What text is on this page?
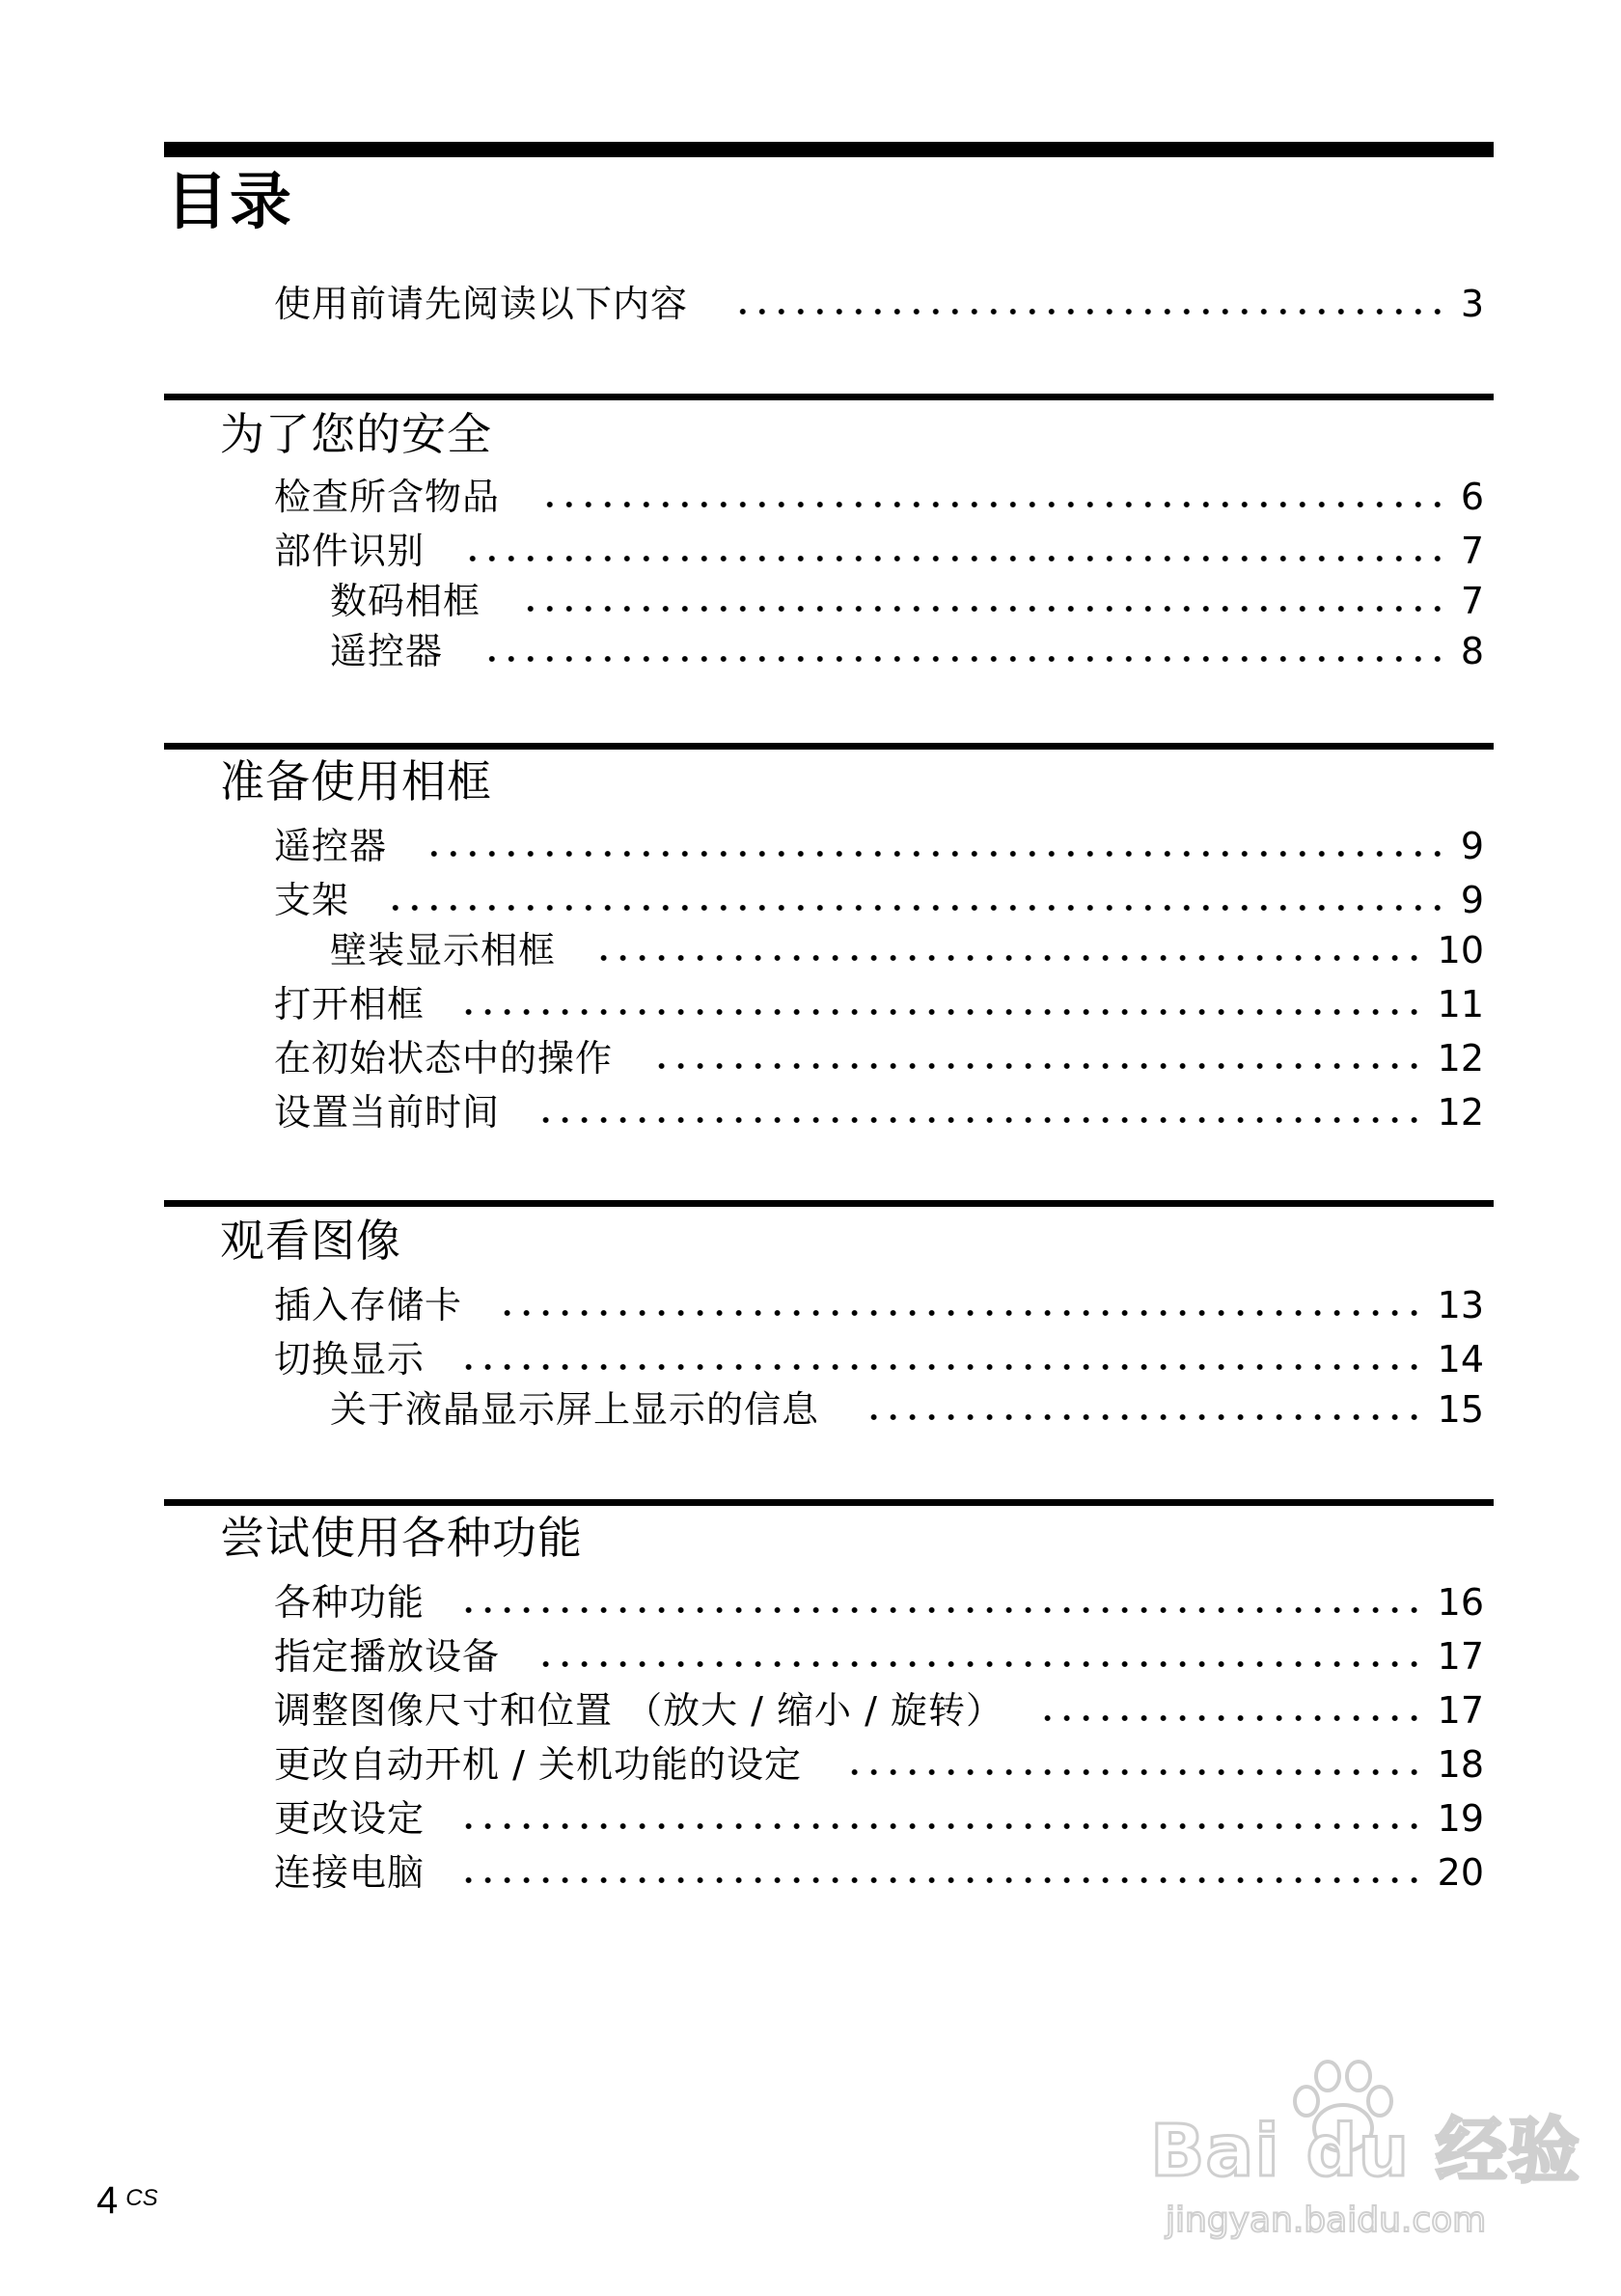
目录
使用前请先阅读以下内容	3
为了您的安全
检查所含物品	6
部件识别	7
数码相框	7
遥控器	8
准备使用相框
遥控器	9
支架	9
壁装显示相框	10
打开相框	11
在初始状态中的操作	12
设置当前时间	12
观看图像
插入存储卡	13
切换显示	14
关于液晶显示屏上显示的信息	15
尝试使用各种功能
各种功能	16
指定播放设备	17
调整图像尺寸和位置 （放大 / 缩小 / 旋转）	17
更改自动开机 / 关机功能的设定	18
更改设定	19
连接电脑	20
4 $^{CS}$
Bai du 经验
jingyan.baidu.com
